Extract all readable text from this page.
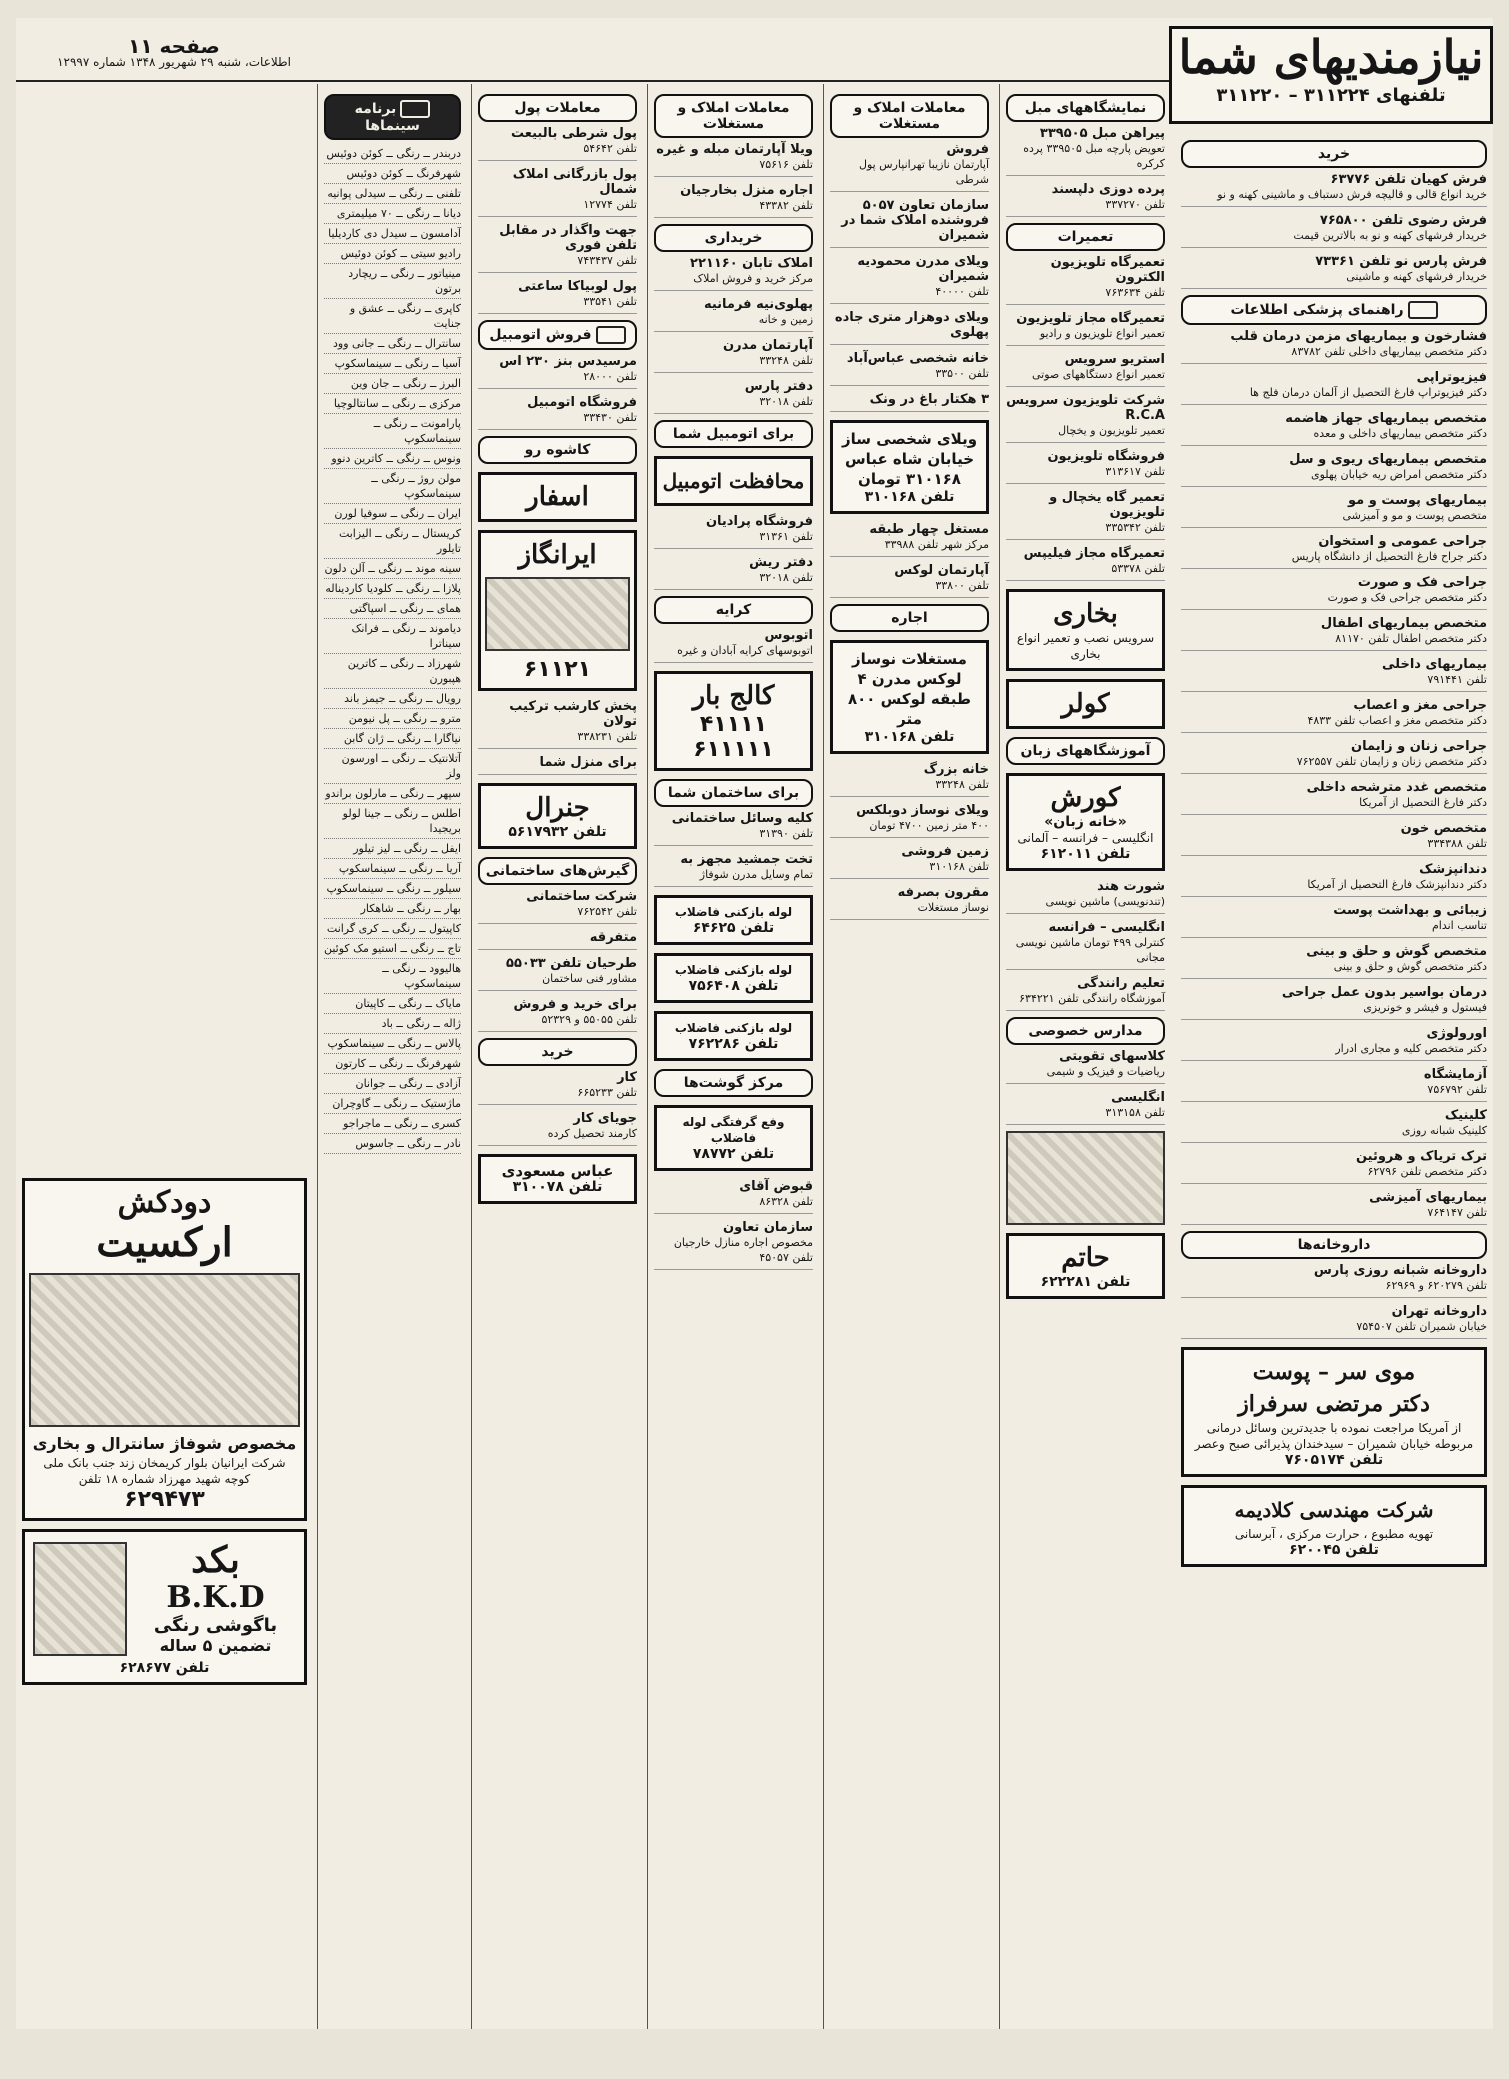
صفحه ۱۱
اطلاعات، شنبه ۲۹ شهریور ۱۳۴۸ شماره ۱۲۹۹۷	نیازمندیهای شما
تلفنهای ۳۱۱۲۲۴ – ۳۱۱۲۲۰
خرید
فرش کهیان تلفن ۶۳۷۷۶
خرید انواع قالی و قالیچه فرش دستباف و ماشینی کهنه و نو
فرش رضوی تلفن ۷۶۵۸۰۰
خریدار فرشهای کهنه و نو به بالاترین قیمت
فرش پارس نو تلفن ۷۳۳۶۱
خریدار فرشهای کهنه و ماشینی
راهنمای پزشکی اطلاعات
فشارخون و بیماریهای مزمن درمان قلب
دکتر متخصص بیماریهای داخلی تلفن ۸۳۷۸۲
فیزیوتراپی
دکتر فیزیوتراپ فارغ التحصیل از آلمان درمان فلج ها
متخصص بیماریهای جهاز هاضمه
دکتر متخصص بیماریهای داخلی و معده
متخصص بیماریهای ریوی و سل
دکتر متخصص امراض ریه خیابان پهلوی
بیماریهای پوست و مو
متخصص پوست و مو و آمیزشی
جراحی عمومی و استخوان
دکتر جراح فارغ التحصیل از دانشگاه پاریس
جراحی فک و صورت
دکتر متخصص جراحی فک و صورت
متخصص بیماریهای اطفال
دکتر متخصص اطفال تلفن ۸۱۱۷۰
بیماریهای داخلی
تلفن ۷۹۱۴۴۱
جراحی مغز و اعصاب
دکتر متخصص مغز و اعصاب تلفن ۴۸۳۳
جراحی زنان و زایمان
دکتر متخصص زنان و زایمان تلفن ۷۶۲۵۵۷
متخصص غدد مترشحه داخلی
دکتر فارغ التحصیل از آمریکا
متخصص خون
تلفن ۳۳۴۳۸۸
دندانپزشک
دکتر دندانپزشک فارغ التحصیل از آمریکا
زیبائی و بهداشت پوست
تناسب اندام
متخصص گوش و حلق و بینی
دکتر متخصص گوش و حلق و بینی
درمان بواسیر بدون عمل جراحی
فیستول و فیشر و خونریزی
اورولوژی
دکتر متخصص کلیه و مجاری ادرار
آزمایشگاه
تلفن ۷۵۶۷۹۲
کلینیک
کلینیک شبانه روزی
ترک تریاک و هروئین
دکتر متخصص تلفن ۶۲۷۹۶
بیماریهای آمیزشی
تلفن ۷۶۴۱۴۷
داروخانه‌ها
داروخانه شبانه روزی پارس
تلفن ۶۲۰۲۷۹ و ۶۲۹۶۹
داروخانه تهران
خیابان شمیران تلفن ۷۵۴۵۰۷
موی سر – پوست
دکتر مرتضی سرفراز
از آمریکا مراجعت نموده با جدیدترین وسائل درمانی مربوطه خیابان شمیران – سیدخندان پذیرائی صبح وعصر
تلفن ۷۶۰۵۱۷۴
شرکت مهندسی کلادیمه
تهویه مطبوع ، حرارت مرکزی ، آبرسانی
تلفن ۶۲۰۰۴۵
نمایشگاههای مبل
پیراهن مبل ۳۳۹۵۰۵
تعویض پارچه مبل ۳۳۹۵۰۵ پرده کرکره
پرده دوزی دلپسند
تلفن ۳۳۷۲۷۰
تعمیرات
تعمیرگاه تلویزیون الکترون
تلفن ۷۶۳۶۳۴
تعمیرگاه مجاز تلویزیون
تعمیر انواع تلویزیون و رادیو
استریو سرویس
تعمیر انواع دستگاههای صوتی
شرکت تلویزیون سرویس R.C.A
تعمیر تلویزیون و یخچال
فروشگاه تلویزیون
تلفن ۳۱۳۶۱۷
تعمیر گاه یخچال و تلویزیون
تلفن ۳۳۵۳۴۲
تعمیرگاه مجاز فیلیپس
تلفن ۵۳۳۷۸
بخاری
سرویس نصب و تعمیر انواع بخاری
کولر
آموزشگاههای زبان
کورش
«خانه زبان»
انگلیسی – فرانسه – آلمانی
تلفن ۶۱۲۰۱۱
شورت هند
(تندنویسی) ماشین نویسی
انگلیسی – فرانسه
کنترلی ۴۹۹ تومان ماشین نویسی مجانی
تعلیم رانندگی
آموزشگاه رانندگی تلفن ۶۳۴۲۲۱
مدارس خصوصی
کلاسهای تقویتی
ریاضیات و فیزیک و شیمی
انگلیسی
تلفن ۳۱۳۱۵۸
حاتم
تلفن ۶۲۲۲۸۱
معاملات املاک و مستغلات
فروش
آپارتمان نازیبا تهرانپارس پول شرطی
سازمان تعاون ۵۰۵۷ فروشنده املاک شما در شمیران
ویلای مدرن محمودیه شمیران
تلفن ۴۰۰۰۰
ویلای دوهزار متری جاده پهلوی
خانه شخصی عباس‌آباد
تلفن ۳۳۵۰۰
۳ هکتار باغ در ونک
ویلای شخصی ساز خیابان شاه عباس ۳۱۰۱۶۸ تومان
تلفن ۳۱۰۱۶۸
مستغل چهار طبقه
مرکز شهر تلفن ۳۳۹۸۸
آپارتمان لوکس
تلفن ۳۳۸۰۰
اجاره
مستغلات نوساز لوکس مدرن ۴ طبقه لوکس ۸۰۰ متر
تلفن ۳۱۰۱۶۸
خانه بزرگ
تلفن ۳۳۲۴۸
ویلای نوساز دوبلکس
۴۰۰ متر زمین ۴۷۰۰ تومان
زمین فروشی
تلفن ۳۱۰۱۶۸
مقرون بصرفه
نوساز مستغلات
معاملات املاک و مستغلات
ویلا آپارتمان مبله و غیره
تلفن ۷۵۶۱۶
اجاره منزل بخارجیان
تلفن ۴۳۳۸۲
خریداری
املاک تابان ۲۲۱۱۶۰
مرکز خرید و فروش املاک
پهلوی‌نیه فرمانیه
زمین و خانه
آپارتمان مدرن
تلفن ۳۳۲۴۸
دفتر پارس
تلفن ۳۲۰۱۸
برای اتومبیل شما
محافظت اتومبیل
فروشگاه پرادیان
تلفن ۳۱۳۶۱
دفتر ریش
تلفن ۳۲۰۱۸
کرایه
اتوبوس
اتوبوسهای کرایه آبادان و غیره
کالج بار
۴۱۱۱۱
۶۱۱۱۱۱
برای ساختمان شما
کلیه وسائل ساختمانی
تلفن ۳۱۳۹۰
تخت جمشید مجهز به
تمام وسایل مدرن شوفاژ
لوله بازکنی فاضلاب
تلفن ۶۴۶۲۵
لوله بازکنی فاضلاب
تلفن ۷۵۶۴۰۸
لوله بازکنی فاضلاب
تلفن ۷۶۲۲۸۶
مرکز گوشت‌ها
وفع گرفتگی لوله فاضلاب
تلفن ۷۸۷۷۲
قبوض آقای
تلفن ۸۶۳۲۸
سازمان تعاون
مخصوص اجاره منازل خارجیان تلفن ۴۵۰۵۷
معاملات پول
پول شرطی بالبیعت
تلفن ۵۴۶۴۲
پول بازرگانی املاک شمال
تلفن ۱۲۷۷۴
جهت واگذار در مقابل تلفن فوری
تلفن ۷۴۳۴۳۷
پول لوبیاکا ساعتی
تلفن ۳۳۵۴۱
فروش اتومبیل
مرسیدس بنز ۲۳۰ اس
تلفن ۲۸۰۰۰
فروشگاه اتومبیل
تلفن ۳۳۴۳۰
کاشوه رو
اسفار
ایرانگاز
۶۱۱۲۱
پخش کارشب ترکیب تولان
تلفن ۳۳۸۲۳۱
برای منزل شما
جنرال
تلفن ۵۶۱۷۹۳۲
گیرش‌های ساختمانی
شرکت ساختمانی
تلفن ۷۶۲۵۴۲
متفرقه
طرحیان تلفن ۵۵۰۳۳
مشاور فنی ساختمان
برای خرید و فروش
تلفن ۵۵۰۵۵ و ۵۲۳۲۹
خرید
کار
تلفن ۶۶۵۲۳۳
جویای کار
کارمند تحصیل کرده
عباس مسعودی
تلفن ۳۱۰۰۷۸
برنامه سینماها
دربندر ــ رنگی ــ کوئن دوئیس
شهرفرنگ ــ کوئن دوئیس
تلفنی ــ رنگی ــ سیدلی پوانیه
دیانا ــ رنگی ــ ۷۰ میلیمتری
آدامسون ــ سیدل دی کاردیلیا
رادیو سیتی ــ کوئن دوئیس
مینیاتور ــ رنگی ــ ریچارد برتون
کاپری ــ رنگی ــ عشق و جنایت
سانترال ــ رنگی ــ جانی وود
آسیا ــ رنگی ــ سینماسکوپ
البرز ــ رنگی ــ جان وین
مرکزی ــ رنگی ــ سانتالوچیا
پارامونت ــ رنگی ــ سینماسکوپ
ونوس ــ رنگی ــ کاترین دنوو
مولن روژ ــ رنگی ــ سینماسکوپ
ایران ــ رنگی ــ سوفیا لورن
کریستال ــ رنگی ــ الیزابت تایلور
سینه موند ــ رنگی ــ آلن دلون
پلازا ــ رنگی ــ کلودیا کاردیناله
همای ــ رنگی ــ اسپاگتی
دیاموند ــ رنگی ــ فرانک سیناترا
شهرزاد ــ رنگی ــ کاترین هپبورن
رویال ــ رنگی ــ جیمز باند
مترو ــ رنگی ــ پل نیومن
نیاگارا ــ رنگی ــ ژان گابن
آتلانتیک ــ رنگی ــ اورسون ولز
سپهر ــ رنگی ــ مارلون براندو
اطلس ــ رنگی ــ جینا لولو بریجیدا
ایفل ــ رنگی ــ لیز تیلور
آریا ــ رنگی ــ سینماسکوپ
سیلور ــ رنگی ــ سینماسکوپ
بهار ــ رنگی ــ شاهکار
کاپیتول ــ رنگی ــ کری گرانت
تاج ــ رنگی ــ استیو مک کوئین
هالیوود ــ رنگی ــ سینماسکوپ
مایاک ــ رنگی ــ کاپیتان
ژاله ــ رنگی ــ باد
پالاس ــ رنگی ــ سینماسکوپ
شهرفرنگ ــ رنگی ــ کارتون
آزادی ــ رنگی ــ جوانان
ماژستیک ــ رنگی ــ گاوچران
کسری ــ رنگی ــ ماجراجو
نادر ــ رنگی ــ جاسوس
دودکش
ارکسیت
مخصوص شوفاژ سانترال و بخاری
شرکت ایرانیان بلوار کریمخان زند جنب بانک ملی کوچه شهید مهرزاد شماره ۱۸ تلفن
۶۲۹۴۷۳
بکد
B.K.D
باگوشی رنگی
تضمین ۵ ساله
تلفن ۶۲۸۶۷۷
